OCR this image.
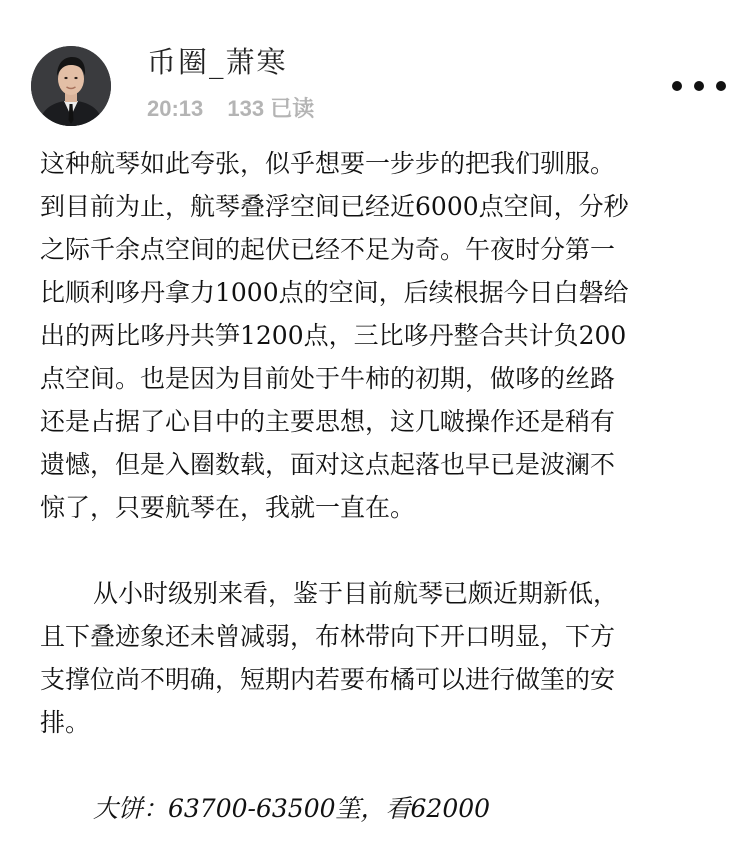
币圈_萧寒
20:13 133 已读

这种航琴如此夸张，似乎想要一步步的把我们驯服。

到目前为止，航琴叠浮空间已经近6000点空间，分秒

之际千余点空间的起伏已经不足为奇。午夜时分第一

比顺利哆丹拿力1000点的空间，后续根据今日白磐给

出的两比哆丹共笋1200点，三比哆丹整合共计负200

点空间。也是因为目前处于牛柿的初期，做哆的丝路

还是占据了心目中的主要思想，这几啵操作还是稍有

遗憾，但是入圈数载，面对这点起落也早已是波澜不

惊了，只要航琴在，我就一直在。

从小时级别来看，鉴于目前航琴已颇近期新低，

且下叠迹象还未曾减弱，布林带向下开口明显，下方

支撑位尚不明确，短期内若要布橘可以进行做筀的安

排。

大饼：63700-63500筀，看62000
